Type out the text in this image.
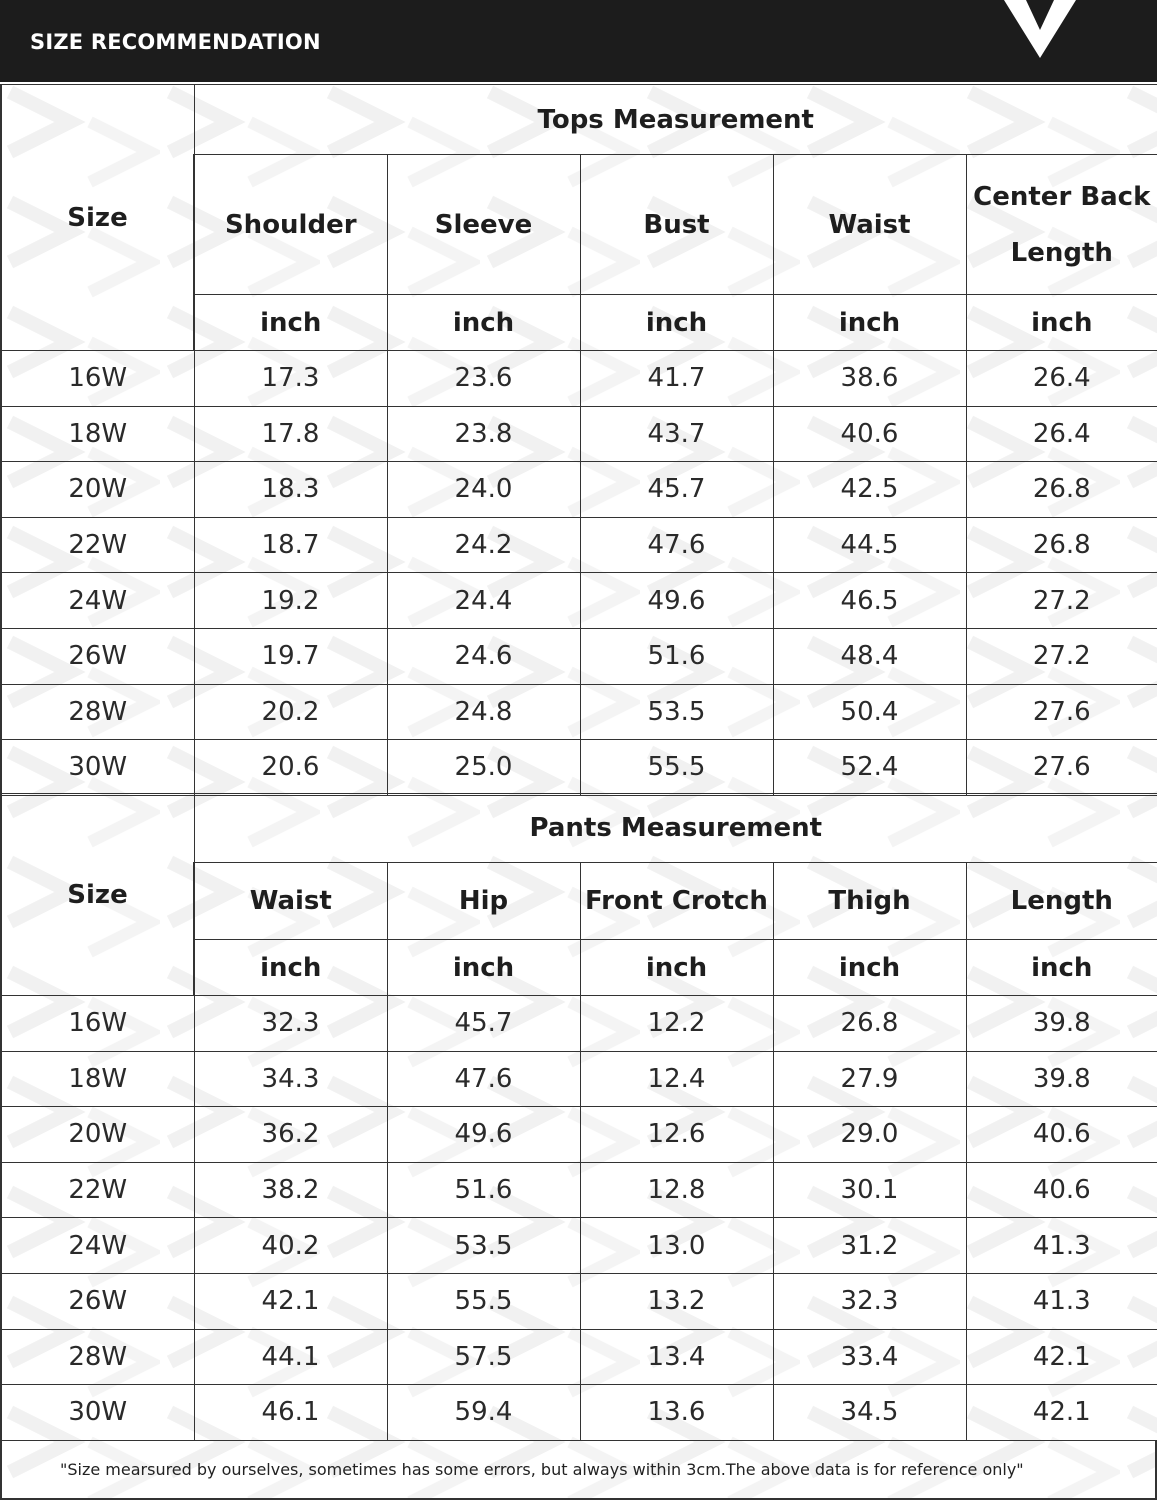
SIZE RECOMMENDATION
Size	Tops Measurement				
	Shoulder	Sleeve	Bust	Waist	Center Back Length
	inch	inch	inch	inch	inch
16W	17.3	23.6	41.7	38.6	26.4
18W	17.8	23.8	43.7	40.6	26.4
20W	18.3	24.0	45.7	42.5	26.8
22W	18.7	24.2	47.6	44.5	26.8
24W	19.2	24.4	49.6	46.5	27.2
26W	19.7	24.6	51.6	48.4	27.2
28W	20.2	24.8	53.5	50.4	27.6
30W	20.6	25.0	55.5	52.4	27.6
Size	Pants Measurement				
	Waist	Hip	Front Crotch	Thigh	Length
	inch	inch	inch	inch	inch
16W	32.3	45.7	12.2	26.8	39.8
18W	34.3	47.6	12.4	27.9	39.8
20W	36.2	49.6	12.6	29.0	40.6
22W	38.2	51.6	12.8	30.1	40.6
24W	40.2	53.5	13.0	31.2	41.3
26W	42.1	55.5	13.2	32.3	41.3
28W	44.1	57.5	13.4	33.4	42.1
30W	46.1	59.4	13.6	34.5	42.1
"Size mearsured by ourselves, sometimes has some errors, but always within 3cm.The above data is for reference only"
